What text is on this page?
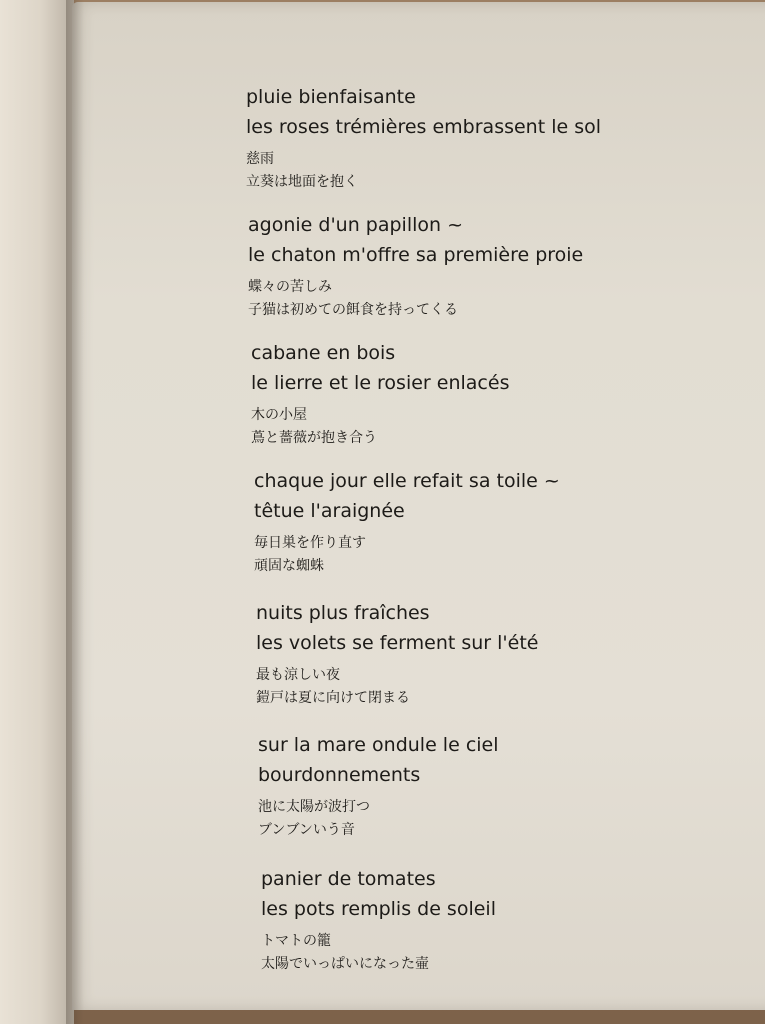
pluie bienfaisante
les roses trémières embrassent le sol
慈雨
立葵は地面を抱く
agonie d'un papillon ~
le chaton m'offre sa première proie
蝶々の苦しみ
子猫は初めての餌食を持ってくる
cabane en bois
le lierre et le rosier enlacés
木の小屋
蔦と薔薇が抱き合う
chaque jour elle refait sa toile ~
têtue l'araignée
毎日巣を作り直す
頑固な蜘蛛
nuits plus fraîches
les volets se ferment sur l'été
最も涼しい夜
鎧戸は夏に向けて閉まる
sur la mare ondule le ciel
bourdonnements
池に太陽が波打つ
ブンブンいう音
panier de tomates
les pots remplis de soleil
トマトの籠
太陽でいっぱいになった壷
